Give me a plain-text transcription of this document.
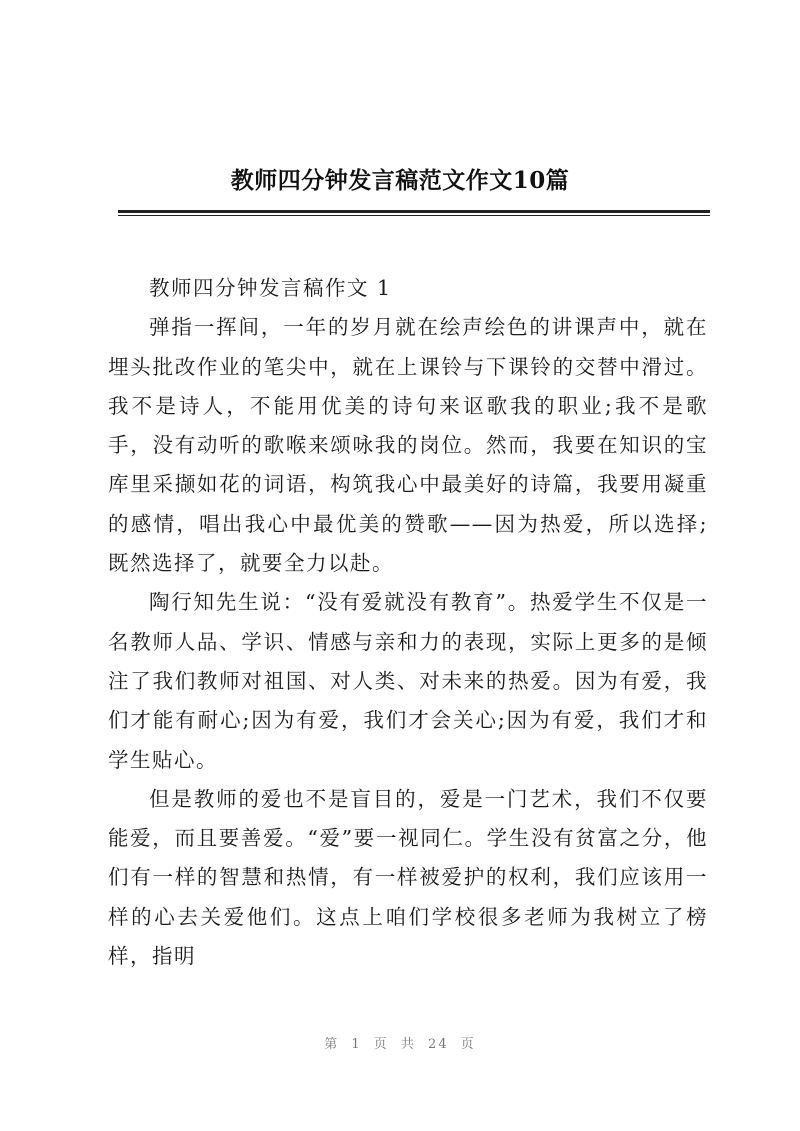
教师四分钟发言稿范文作文10篇

教师四分钟发言稿作文 1

弹指一挥间，一年的岁月就在绘声绘色的讲课声中，就在埋头批改作业的笔尖中，就在上课铃与下课铃的交替中滑过。我不是诗人，不能用优美的诗句来讴歌我的职业;我不是歌手，没有动听的歌喉来颂咏我的岗位。然而，我要在知识的宝库里采撷如花的词语，构筑我心中最美好的诗篇，我要用凝重的感情，唱出我心中最优美的赞歌——因为热爱，所以选择;既然选择了，就要全力以赴。

陶行知先生说：“没有爱就没有教育”。热爱学生不仅是一名教师人品、学识、情感与亲和力的表现，实际上更多的是倾注了我们教师对祖国、对人类、对未来的热爱。因为有爱，我们才能有耐心;因为有爱，我们才会关心;因为有爱，我们才和学生贴心。

但是教师的爱也不是盲目的，爱是一门艺术，我们不仅要能爱，而且要善爱。“爱”要一视同仁。学生没有贫富之分，他们有一样的智慧和热情，有一样被爱护的权利，我们应该用一样的心去关爱他们。这点上咱们学校很多老师为我树立了榜样，指明

第 1 页 共 24 页
